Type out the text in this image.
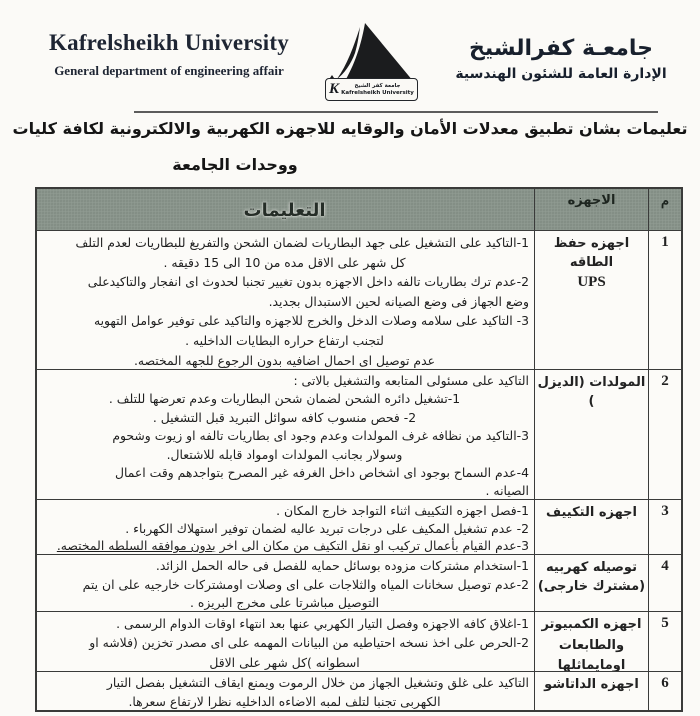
Kafrelsheikh University
General department of engineering affair
K	جامعة كفر الشيخ
Kafrelsheikh University
جامعـة كفرالشيخ
الإدارة العامة للشئون الهندسية
تعليمات بشان تطبيق معدلات الأمان والوقايه للاجهزه الكهربية والالكترونية لكافة كليات
ووحدات الجامعة
م
الاجهزه
التعليمات
1
اجهزه حفظ الطاقه
UPS
1-التاكيد على التشغيل على جهد البطاريات لضمان الشحن والتفريغ للبطاريات لعدم التلف
كل شهر على الاقل مده من 10 الى 15 دقيقه .
2-عدم ترك بطاريات تالفه داخل الاجهزه بدون تغيير تجنبا لحدوث اى انفجار والتاكيدعلى
وضع الجهاز فى وضع الصيانه لحين الاستبدال بجديد.
3- التاكيد على سلامه وصلات الدخل والخرج للاجهزه والتاكيد على توفير عوامل التهويه
لتجنب ارتفاع حراره البطايات الداخليه .
عدم توصيل اى احمال اضافيه بدون الرجوع للجهه المختصه.
2
المولدات (الديزل )
التاكيد على مسئولى المتابعه والتشغيل بالاتى :
1-تشغيل دائره الشحن لضمان شحن البطاريات وعدم تعرضها للتلف .
2- فحص منسوب كافه سوائل التبريد قبل التشغيل .
3-التاكيد من نظافه غرف المولدات وعدم وجود اى بطاريات تالفه او زيوت وشحوم
وسولار بجانب المولدات اومواد قابله للاشتعال.
4-عدم السماح بوجود اى اشخاص داخل الغرفه غير المصرح بتواجدهم وقت اعمال
الصيانه .
3
اجهزه التكييف
1-فصل اجهزه التكييف اثناء التواجد خارج المكان .
2- عدم تشغيل المكيف على درجات تبريد عاليه لضمان توفير استهلاك الكهرباء .
3-عدم القيام بأعمال تركيب او نقل التكيف من مكان الى اخر بدون موافقه السلطه المختصه.
4
توصيله كهربيه
(مشترك خارجى)
1-استخدام مشتركات مزوده بوسائل حمايه للفصل فى حاله الحمل الزائد.
2-عدم توصيل سخانات المياه والثلاجات على اى وصلات اومشتركات خارجيه على ان يتم
التوصيل مباشرتا على مخرج البريزه .
5
اجهزه الكمبيوتر
والطابعات
اومايماثلها
1-اغلاق كافه الاجهزه وفصل التيار الكهربي عنها بعد انتهاء اوقات الدوام الرسمى .
2-الحرص على اخذ نسخه احتياطيه من البيانات المهمه على اى مصدر تخزين (فلاشه او
اسطوانه )كل شهر على الاقل
6
اجهزه الداتاشو
التاكيد على غلق وتشغيل الجهاز من خلال الرموت ويمنع ايقاف التشغيل بفصل التيار
الكهربى تجنبا لتلف لمبه الاضاءه الداخليه نظرا لارتفاع سعرها.
